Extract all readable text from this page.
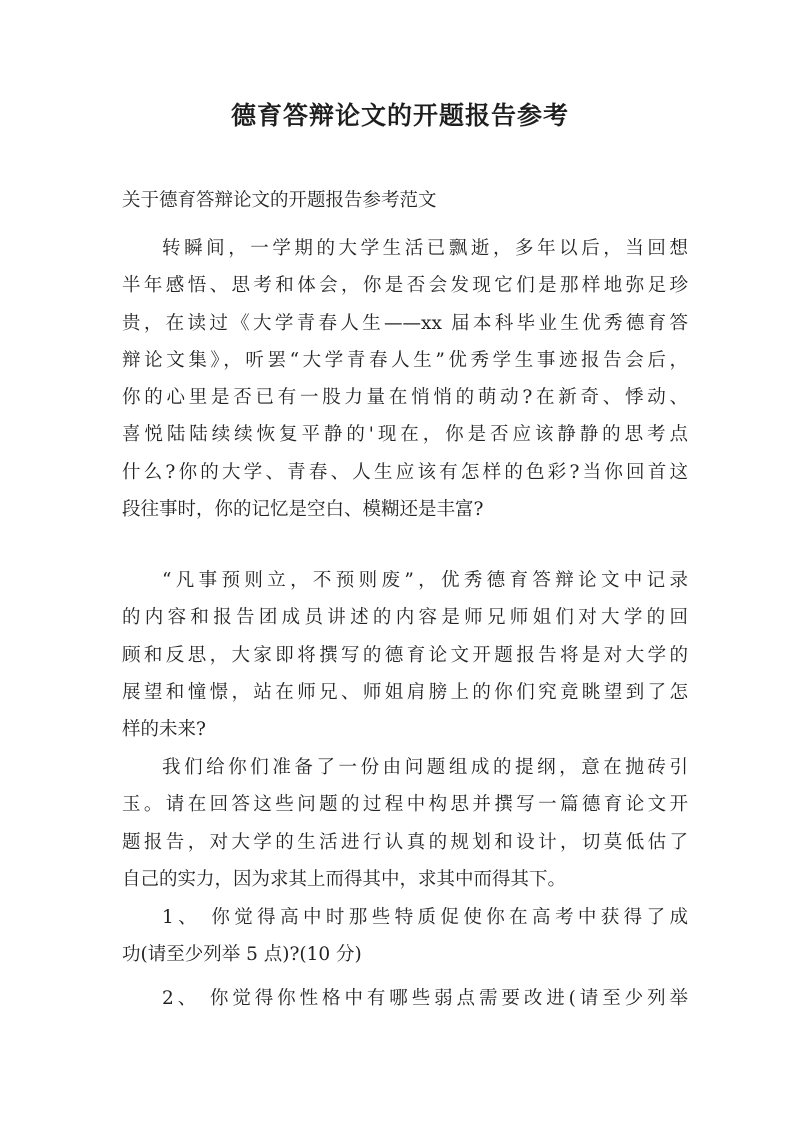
德育答辩论文的开题报告参考
关于德育答辩论文的开题报告参考范文
转瞬间，一学期的大学生活已飘逝，多年以后，当回想
半年感悟、思考和体会，你是否会发现它们是那样地弥足珍
贵，在读过《大学青春人生——xx 届本科毕业生优秀德育答
辩论文集》，听罢“大学青春人生”优秀学生事迹报告会后，
你的心里是否已有一股力量在悄悄的萌动?在新奇、悸动、
喜悦陆陆续续恢复平静的'现在，你是否应该静静的思考点
什么?你的大学、青春、人生应该有怎样的色彩?当你回首这
段往事时，你的记忆是空白、模糊还是丰富?
“凡事预则立，不预则废”，优秀德育答辩论文中记录
的内容和报告团成员讲述的内容是师兄师姐们对大学的回
顾和反思，大家即将撰写的德育论文开题报告将是对大学的
展望和憧憬，站在师兄、师姐肩膀上的你们究竟眺望到了怎
样的未来?
我们给你们准备了一份由问题组成的提纲，意在抛砖引
玉。请在回答这些问题的过程中构思并撰写一篇德育论文开
题报告，对大学的生活进行认真的规划和设计，切莫低估了
自己的实力，因为求其上而得其中，求其中而得其下。
1、 你觉得高中时那些特质促使你在高考中获得了成
功(请至少列举 5 点)?(10 分)
2、 你觉得你性格中有哪些弱点需要改进(请至少列举
